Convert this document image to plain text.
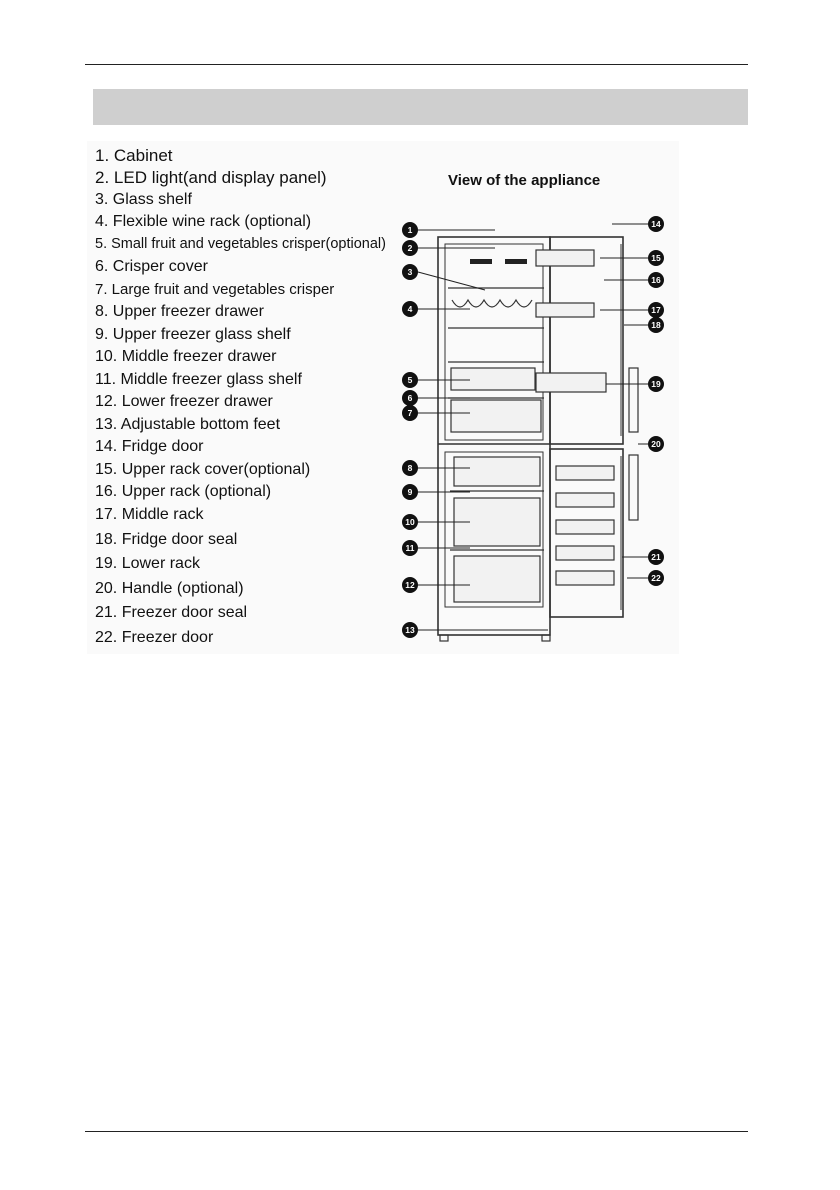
1. Cabinet
2. LED light(and display panel)
3. Glass shelf
4. Flexible wine rack (optional)
5. Small fruit and vegetables crisper(optional)
6. Crisper cover
7. Large fruit and vegetables crisper
8. Upper freezer drawer
9. Upper freezer glass shelf
10. Middle freezer drawer
11. Middle freezer glass shelf
12. Lower freezer drawer
13. Adjustable bottom feet
14. Fridge door
15. Upper rack cover(optional)
16. Upper rack (optional)
17. Middle rack
18. Fridge door seal
19. Lower rack
20. Handle (optional)
21. Freezer door seal
22. Freezer door
View of the appliance
1
2
3
4
5
6
7
8
9
10
11
12
13
14
15
16
17
18
19
20
21
22
